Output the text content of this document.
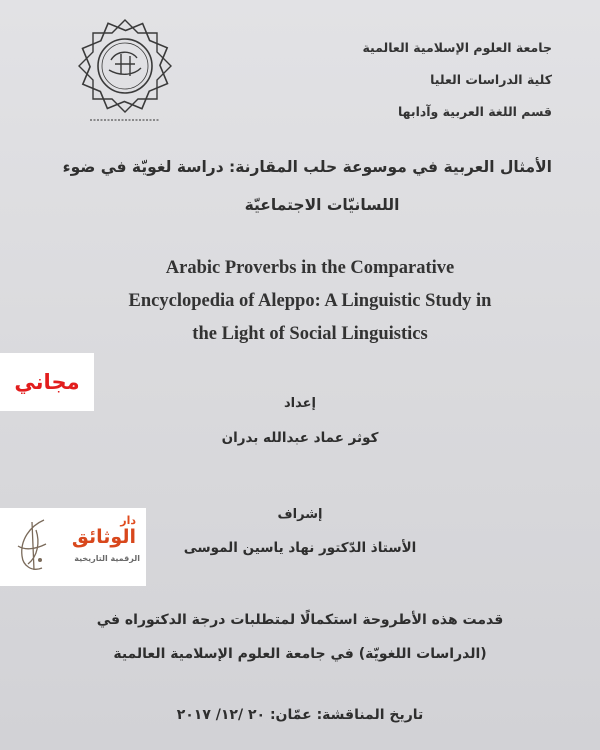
جامعة العلوم الإسلامية العالمية
كلية الدراسات العليا
قسم اللغة العربية وآدابها
الأمثال العربية في موسوعة حلب المقارنة: دراسة لغويّة في ضوء
اللسانيّات الاجتماعيّة
Arabic Proverbs in the Comparative
Encyclopedia of Aleppo: A Linguistic Study in
the Light of Social Linguistics
إعداد
كوثر عماد عبدالله بدران
إشراف
الأستاذ الدّكتور نهاد ياسين الموسى
قدمت هذه الأطروحة استكمالًا لمتطلبات درجة الدكتوراه في
(الدراسات اللغويّة) في جامعة العلوم الإسلامية العالمية
تاريخ المناقشة: عمّان: ٢٠ /١٢/ ٢٠١٧
مجاني
دار
الوثائق
الرقمية التاريخية
